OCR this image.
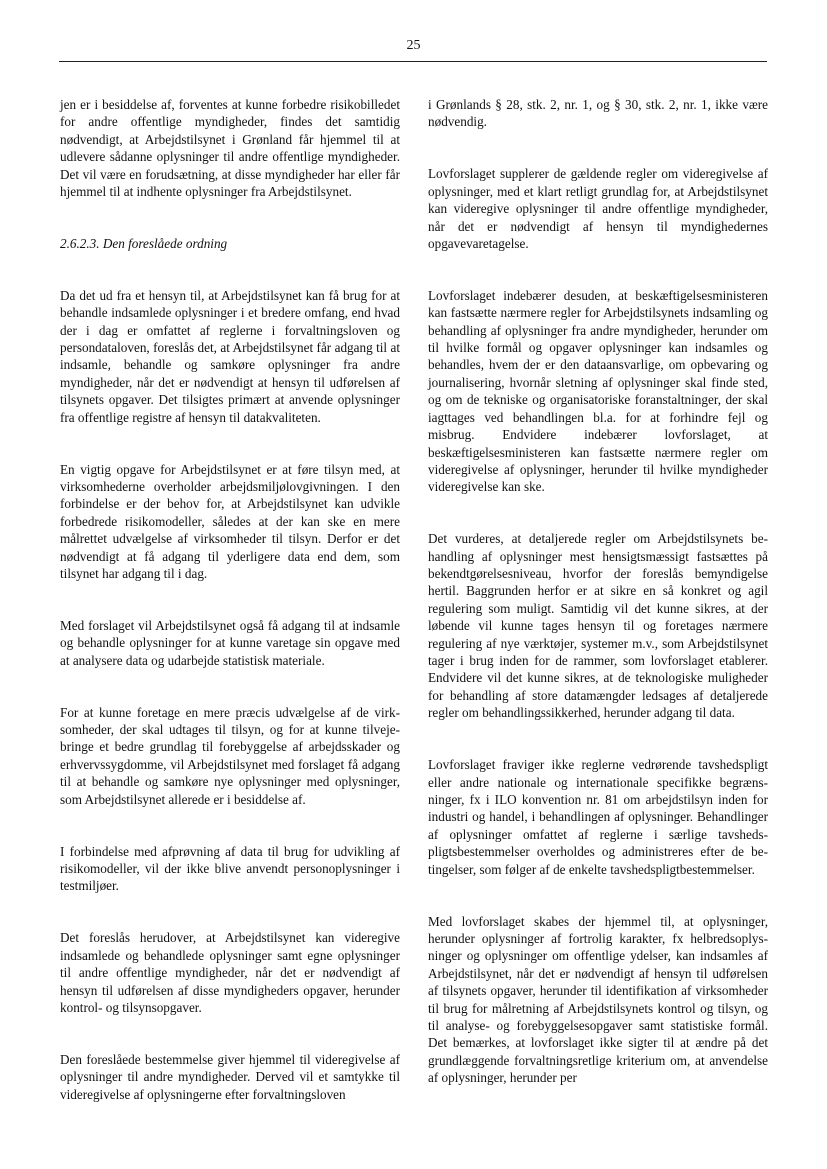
25

jen er i besiddelse af, forventes at kunne forbedre risikobilledet for andre offentlige myndigheder, findes det samtidig nødvendigt, at Arbejdstilsynet i Grønland får hjemmel til at udlevere sådanne oplysninger til andre offentlige myndigheder. Det vil være en forudsætning, at disse myndigheder har eller får hjemmel til at indhente oplysninger fra Arbejdstilsynet.

2.6.2.3. Den foreslåede ordning

Da det ud fra et hensyn til, at Arbejdstilsynet kan få brug for at behandle indsamlede oplysninger i et bredere omfang, end hvad der i dag er omfattet af reglerne i forvaltningsloven og persondataloven, foreslås det, at Arbejdstilsynet får adgang til at indsamle, behandle og samkøre oplysninger fra andre myndigheder, når det er nødvendigt at hensyn til udførelsen af tilsynets opgaver. Det tilsigtes primært at anvende oplysninger fra offentlige registre af hensyn til datakvaliteten.

En vigtig opgave for Arbejdstilsynet er at føre tilsyn med, at virksomhederne overholder arbejdsmiljølovgivningen. I den forbindelse er der behov for, at Arbejdstilsynet kan udvikle forbedrede risikomodeller, således at der kan ske en mere målrettet udvælgelse af virksomheder til tilsyn. Derfor er det nødvendigt at få adgang til yderligere data end dem, som tilsynet har adgang til i dag.

Med forslaget vil Arbejdstilsynet også få adgang til at indsamle og behandle oplysninger for at kunne varetage sin opgave med at analysere data og udarbejde statistisk materiale.

For at kunne foretage en mere præcis udvælgelse af de virksomheder, der skal udtages til tilsyn, og for at kunne tilvejebringe et bedre grundlag til forebyggelse af arbejdsskader og erhvervssygdomme, vil Arbejdstilsynet med forslaget få adgang til at behandle og samkøre nye oplysninger med oplysninger, som Arbejdstilsynet allerede er i besiddelse af.

I forbindelse med afprøvning af data til brug for udvikling af risikomodeller, vil der ikke blive anvendt personoplysninger i testmiljøer.

Det foreslås herudover, at Arbejdstilsynet kan videregive indsamlede og behandlede oplysninger samt egne oplysninger til andre offentlige myndigheder, når det er nødvendigt af hensyn til udførelsen af disse myndigheders opgaver, herunder kontrol- og tilsynsopgaver.

Den foreslåede bestemmelse giver hjemmel til videregivelse af oplysninger til andre myndigheder. Derved vil et samtykke til videregivelse af oplysningerne efter forvaltningsloven

i Grønlands § 28, stk. 2, nr. 1, og § 30, stk. 2, nr. 1, ikke være nødvendig.

Lovforslaget supplerer de gældende regler om videregivelse af oplysninger, med et klart retligt grundlag for, at Arbejdstilsynet kan videregive oplysninger til andre offentlige myndigheder, når det er nødvendigt af hensyn til myndighedernes opgavevaretagelse.

Lovforslaget indebærer desuden, at beskæftigelsesministeren kan fastsætte nærmere regler for Arbejdstilsynets indsamling og behandling af oplysninger fra andre myndigheder, herunder om til hvilke formål og opgaver oplysninger kan indsamles og behandles, hvem der er den dataansvarlige, om opbevaring og journalisering, hvornår sletning af oplysninger skal finde sted, og om de tekniske og organisatoriske foranstaltninger, der skal iagttages ved behandlingen bl.a. for at forhindre fejl og misbrug. Endvidere indebærer lovforslaget, at beskæftigelsesministeren kan fastsætte nærmere regler om videregivelse af oplysninger, herunder til hvilke myndigheder videregivelse kan ske.

Det vurderes, at detaljerede regler om Arbejdstilsynets behandling af oplysninger mest hensigtsmæssigt fastsættes på bekendtgørelsesniveau, hvorfor der foreslås bemyndigelse hertil. Baggrunden herfor er at sikre en så konkret og agil regulering som muligt. Samtidig vil det kunne sikres, at der løbende vil kunne tages hensyn til og foretages nærmere regulering af nye værktøjer, systemer m.v., som Arbejdstilsynet tager i brug inden for de rammer, som lovforslaget etablerer. Endvidere vil det kunne sikres, at de teknologiske muligheder for behandling af store datamængder ledsages af detaljerede regler om behandlingssikkerhed, herunder adgang til data.

Lovforslaget fraviger ikke reglerne vedrørende tavshedspligt eller andre nationale og internationale specifikke begrænsninger, fx i ILO konvention nr. 81 om arbejdstilsyn inden for industri og handel, i behandlingen af oplysninger. Behandlinger af oplysninger omfattet af reglerne i særlige tavshedspligtsbestemmelser overholdes og administreres efter de betingelser, som følger af de enkelte tavshedspligtbestemmelser.

Med lovforslaget skabes der hjemmel til, at oplysninger, herunder oplysninger af fortrolig karakter, fx helbredsoplysninger og oplysninger om offentlige ydelser, kan indsamles af Arbejdstilsynet, når det er nødvendigt af hensyn til udførelsen af tilsynets opgaver, herunder til identifikation af virksomheder til brug for målretning af Arbejdstilsynets kontrol og tilsyn, og til analyse- og forebyggelsesopgaver samt statistiske formål. Det bemærkes, at lovforslaget ikke sigter til at ændre på det grundlæggende forvaltningsretlige kriterium om, at anvendelse af oplysninger, herunder per
